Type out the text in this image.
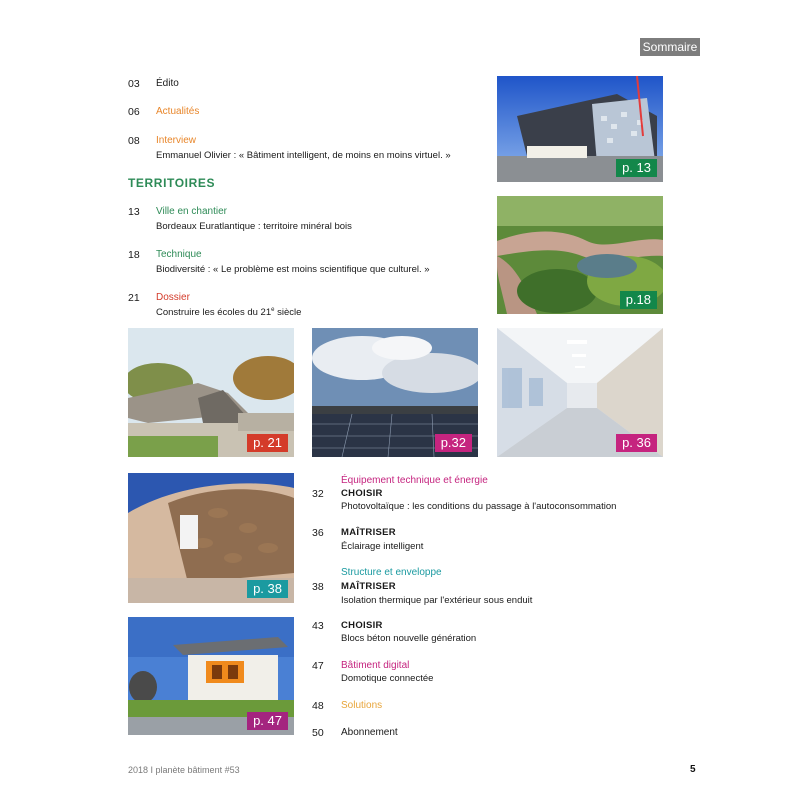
Sommaire
03 Édito
06 Actualités
08 Interview
Emmanuel Olivier : « Bâtiment intelligent, de moins en moins virtuel. »
TERRITOIRES
13 Ville en chantier
Bordeaux Euratlantique : territoire minéral bois
18 Technique
Biodiversité : « Le problème est moins scientifique que culturel. »
21 Dossier
Construire les écoles du 21e siècle
p. 13
p.18
p. 21	p.32	p. 36
p. 38
p. 47
Équipement technique et énergie
32 CHOISIR
Photovoltaïque : les conditions du passage à l'autoconsommation
36 MAÎTRISER
Éclairage intelligent
Structure et enveloppe
38 MAÎTRISER
Isolation thermique par l'extérieur sous enduit
43 CHOISIR
Blocs béton nouvelle génération
47 Bâtiment digital
Domotique connectée
48 Solutions
50 Abonnement
2018 I planète bâtiment #53	5
